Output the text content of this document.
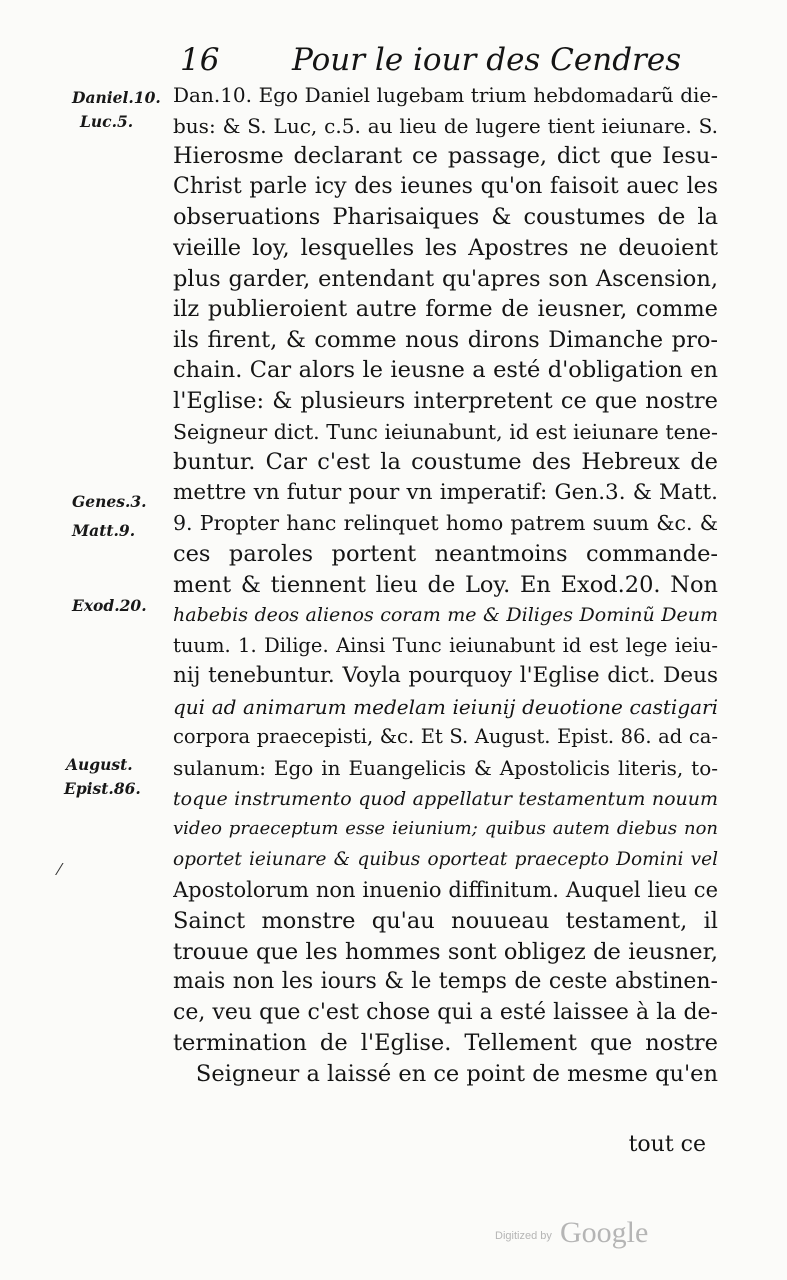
16 Pour le iour des Cendres
Daniel.10.
Luc.5.
Genes.3.
Matt.9.
Exod.20.
August.
Epist.86.
Dan.10. Ego Daniel lugebam trium hebdomadarũ die-
bus: & S. Luc, c.5. au lieu de lugere tient ieiunare. S.
Hierosme declarant ce passage, dict que Iesu-
Christ parle icy des ieunes qu'on faisoit auec les
obseruations Pharisaiques & coustumes de la
vieille loy, lesquelles les Apostres ne deuoient
plus garder, entendant qu'apres son Ascension,
ilz publieroient autre forme de ieusner, comme
ils firent, & comme nous dirons Dimanche pro-
chain. Car alors le ieusne a esté d'obligation en
l'Eglise: & plusieurs interpretent ce que nostre
Seigneur dict. Tunc ieiunabunt, id est ieiunare tene-
buntur. Car c'est la coustume des Hebreux de
mettre vn futur pour vn imperatif: Gen.3. & Matt.
9. Propter hanc relinquet homo patrem suum &c. &
ces paroles portent neantmoins commande-
ment & tiennent lieu de Loy. En Exod.20. Non
habebis deos alienos coram me & Diliges Dominũ Deum
tuum. 1. Dilige. Ainsi Tunc ieiunabunt id est lege ieiu-
nij tenebuntur. Voyla pourquoy l'Eglise dict. Deus
qui ad animarum medelam ieiunij deuotione castigari
corpora praecepisti, &c. Et S. August. Epist. 86. ad ca-
sulanum: Ego in Euangelicis & Apostolicis literis, to-
toque instrumento quod appellatur testamentum nouum
video praeceptum esse ieiunium; quibus autem diebus non
oportet ieiunare & quibus oporteat praecepto Domini vel
Apostolorum non inuenio diffinitum. Auquel lieu ce
Sainct monstre qu'au nouueau testament, il
trouue que les hommes sont obligez de ieusner,
mais non les iours & le temps de ceste abstinen-
ce, veu que c'est chose qui a esté laissee à la de-
termination de l'Eglise. Tellement que nostre
Seigneur a laissé en ce point de mesme qu'en
tout ce
⁄
Digitized by Google
